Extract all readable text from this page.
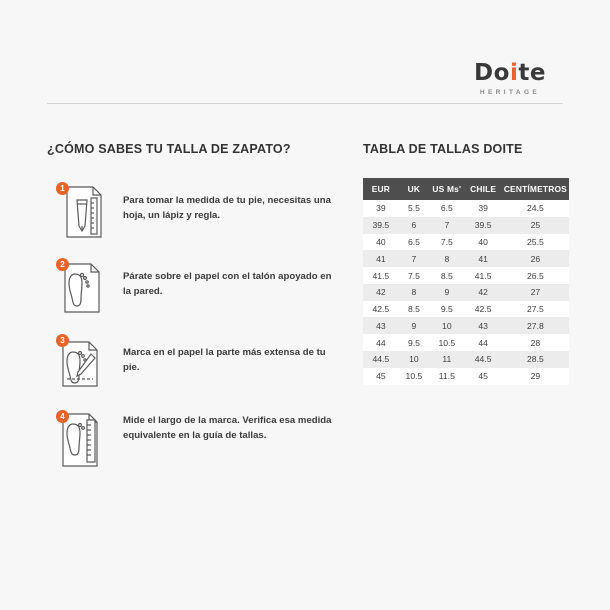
Doite
HERITAGE
¿CÓMO SABES TU TALLA DE ZAPATO?
1
Para tomar la medida de tu pie, necesitas una hoja, un lápiz y regla.
2
Párate sobre el papel con el talón apoyado en la pared.
3
Marca en el papel la parte más extensa de tu pie.
4	Mide el largo de la marca. Verifica esa medida equivalente en la guía de tallas.
TABLA DE TALLAS DOITE
EUR	UK	US Ms'	CHILE	CENTÍMETROS
39	5.5	6.5	39	24.5
39.5	6	7	39.5	25
40	6.5	7.5	40	25.5
41	7	8	41	26
41.5	7.5	8.5	41.5	26.5
42	8	9	42	27
42.5	8.5	9.5	42.5	27.5
43	9	10	43	27.8
44	9.5	10.5	44	28
44.5	10	11	44.5	28.5
45	10.5	11.5	45	29
